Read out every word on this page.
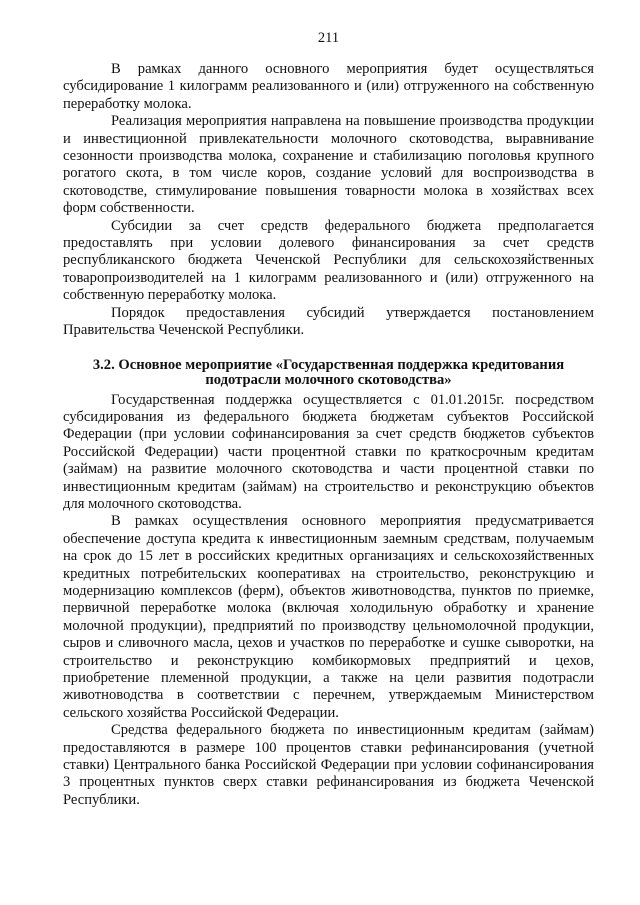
211

В рамках данного основного мероприятия будет осуществляться субсидирование 1 килограмм реализованного и (или) отгруженного на собственную переработку молока.

Реализация мероприятия направлена на повышение производства продукции и инвестиционной привлекательности молочного скотоводства, выравнивание сезонности производства молока, сохранение и стабилизацию поголовья крупного рогатого скота, в том числе коров, создание условий для воспроизводства в скотоводстве, стимулирование повышения товарности молока в хозяйствах всех форм собственности.

Субсидии за счет средств федерального бюджета предполагается предоставлять при условии долевого финансирования за счет средств республиканского бюджета Чеченской Республики для сельскохозяйственных товаропроизводителей на 1 килограмм реализованного и (или) отгруженного на собственную переработку молока.

Порядок предоставления субсидий утверждается постановлением Правительства Чеченской Республики.

3.2. Основное мероприятие «Государственная поддержка кредитования
подотрасли молочного скотоводства»

Государственная поддержка осуществляется с 01.01.2015г. посредством субсидирования из федерального бюджета бюджетам субъектов Российской Федерации (при условии софинансирования за счет средств бюджетов субъектов Российской Федерации) части процентной ставки по краткосрочным кредитам (займам) на развитие молочного скотоводства и части процентной ставки по инвестиционным кредитам (займам) на строительство и реконструкцию объектов для молочного скотоводства.

В рамках осуществления основного мероприятия предусматривается обеспечение доступа кредита к инвестиционным заемным средствам, получаемым на срок до 15 лет в российских кредитных организациях и сельскохозяйственных кредитных потребительских кооперативах на строительство, реконструкцию и модернизацию комплексов (ферм), объектов животноводства, пунктов по приемке, первичной переработке молока (включая холодильную обработку и хранение молочной продукции), предприятий по производству цельномолочной продукции, сыров и сливочного масла, цехов и участков по переработке и сушке сыворотки, на строительство и реконструкцию комбикормовых предприятий и цехов, приобретение племенной продукции, а также на цели развития подотрасли животноводства в соответствии с перечнем, утверждаемым Министерством сельского хозяйства Российской Федерации.

Средства федерального бюджета по инвестиционным кредитам (займам) предоставляются в размере 100 процентов ставки рефинансирования (учетной ставки) Центрального банка Российской Федерации при условии софинансирования 3 процентных пунктов сверх ставки рефинансирования из бюджета Чеченской Республики.
